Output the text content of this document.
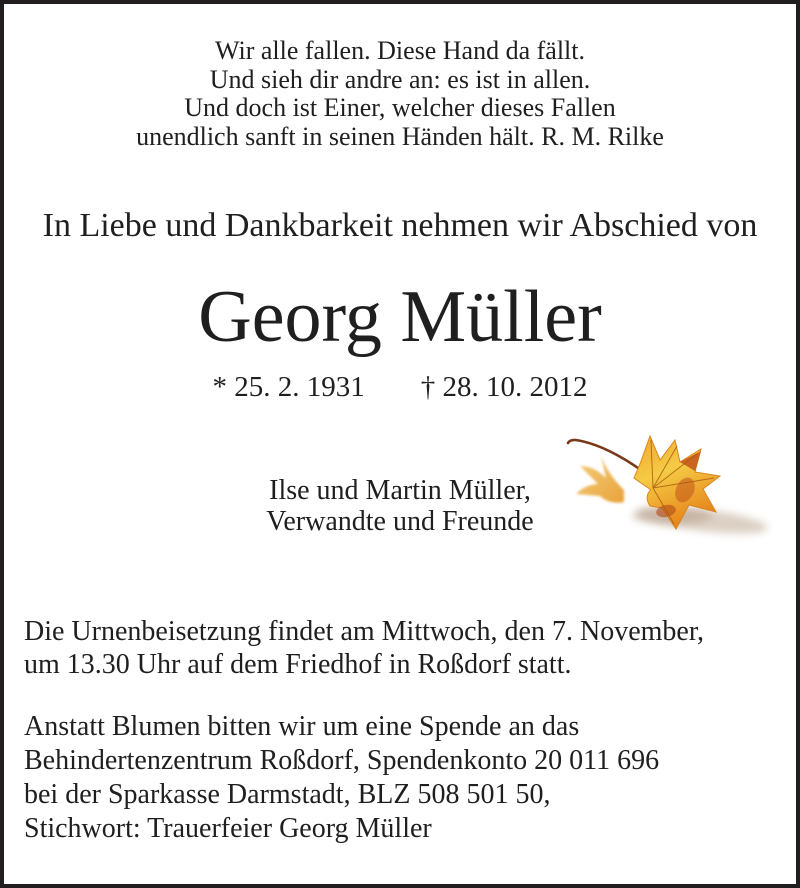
Wir alle fallen. Diese Hand da fällt.
Und sieh dir andre an: es ist in allen.
Und doch ist Einer, welcher dieses Fallen
unendlich sanft in seinen Händen hält. R. M. Rilke
In Liebe und Dankbarkeit nehmen wir Abschied von
Georg Müller
* 25. 2. 1931 † 28. 10. 2012
Ilse und Martin Müller,
Verwandte und Freunde
Die Urnenbeisetzung findet am Mittwoch, den 7. November,
um 13.30 Uhr auf dem Friedhof in Roßdorf statt.
Anstatt Blumen bitten wir um eine Spende an das
Behindertenzentrum Roßdorf, Spendenkonto 20 011 696
bei der Sparkasse Darmstadt, BLZ 508 501 50,
Stichwort: Trauerfeier Georg Müller
